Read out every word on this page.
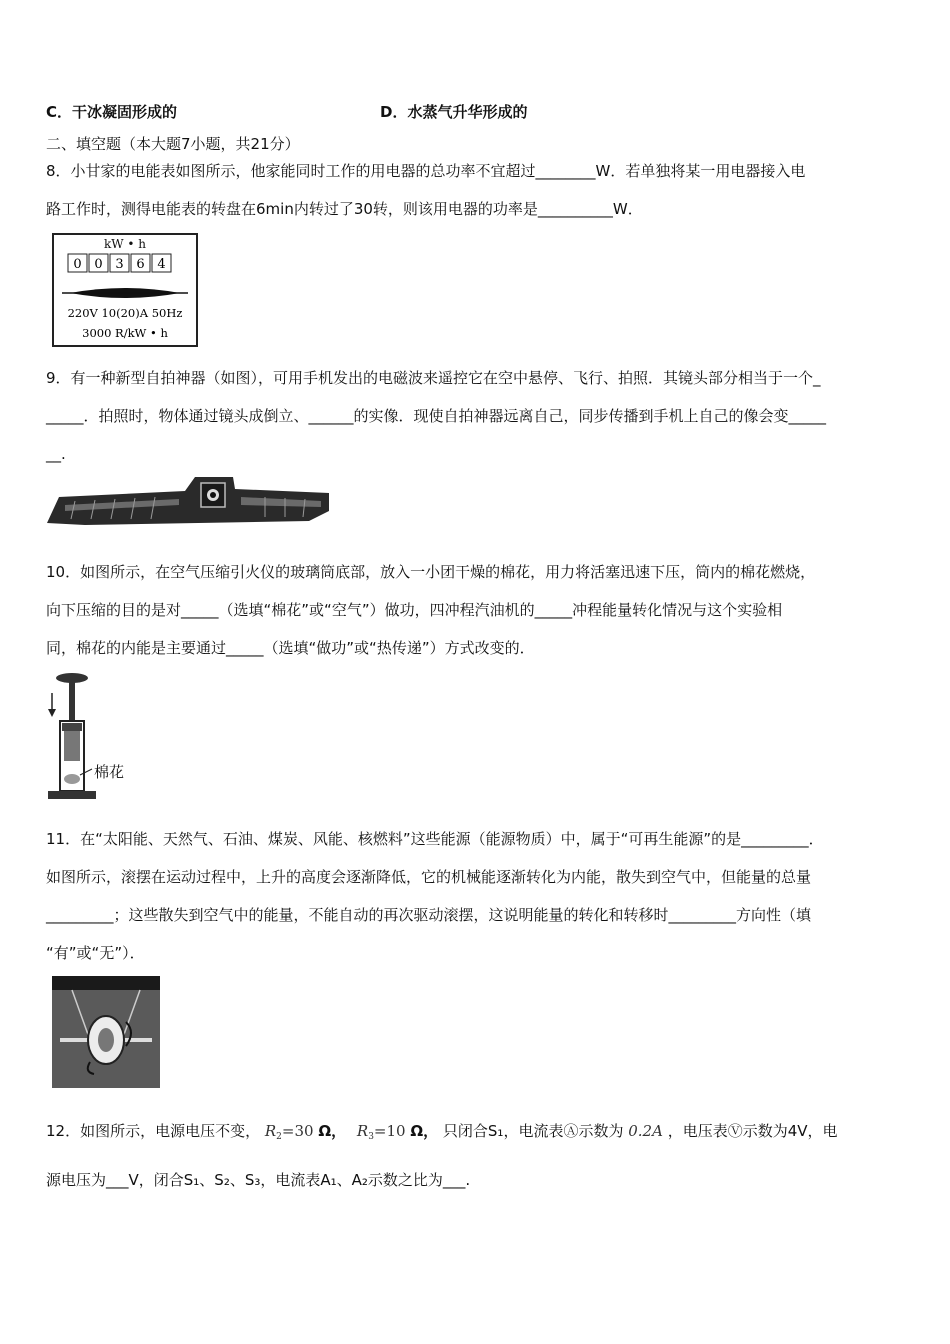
C．干冰凝固形成的	D．水蒸气升华形成的
二、填空题（本大题7小题，共21分）
8．小甘家的电能表如图所示，他家能同时工作的用电器的总功率不宜超过________W．若单独将某一用电器接入电
路工作时，测得电能表的转盘在6min内转过了30转，则该用电器的功率是__________W．
kW • h
0 0 3 6 4
220V 10(20)A 50Hz
3000 R/kW • h
9．有一种新型自拍神器（如图），可用手机发出的电磁波来遥控它在空中悬停、飞行、拍照．其镜头部分相当于一个_
_____．拍照时，物体通过镜头成倒立、______的实像．现使自拍神器远离自己，同步传播到手机上自己的像会变_____
__.
10．如图所示，在空气压缩引火仪的玻璃筒底部，放入一小团干燥的棉花，用力将活塞迅速下压，筒内的棉花燃烧，
向下压缩的目的是对_____（选填“棉花”或“空气”）做功，四冲程汽油机的_____冲程能量转化情况与这个实验相
同，棉花的内能是主要通过_____（选填“做功”或“热传递”）方式改变的．
棉花
11．在“太阳能、天然气、石油、煤炭、风能、核燃料”这些能源（能源物质）中，属于“可再生能源”的是_________．
如图所示，滚摆在运动过程中，上升的高度会逐渐降低，它的机械能逐渐转化为内能，散失到空气中，但能量的总量
_________；这些散失到空气中的能量，不能自动的再次驱动滚摆，这说明能量的转化和转移时_________方向性（填
“有”或“无”）．
12．如图所示，电源电压不变， $R_2=30$ Ω， $R_3=10$ Ω， 只闭合S₁，电流表Ⓐ示数为 0.2A ，电压表Ⓥ示数为4V，电
源电压为___V，闭合S₁、S₂、S₃，电流表A₁、A₂示数之比为___.
